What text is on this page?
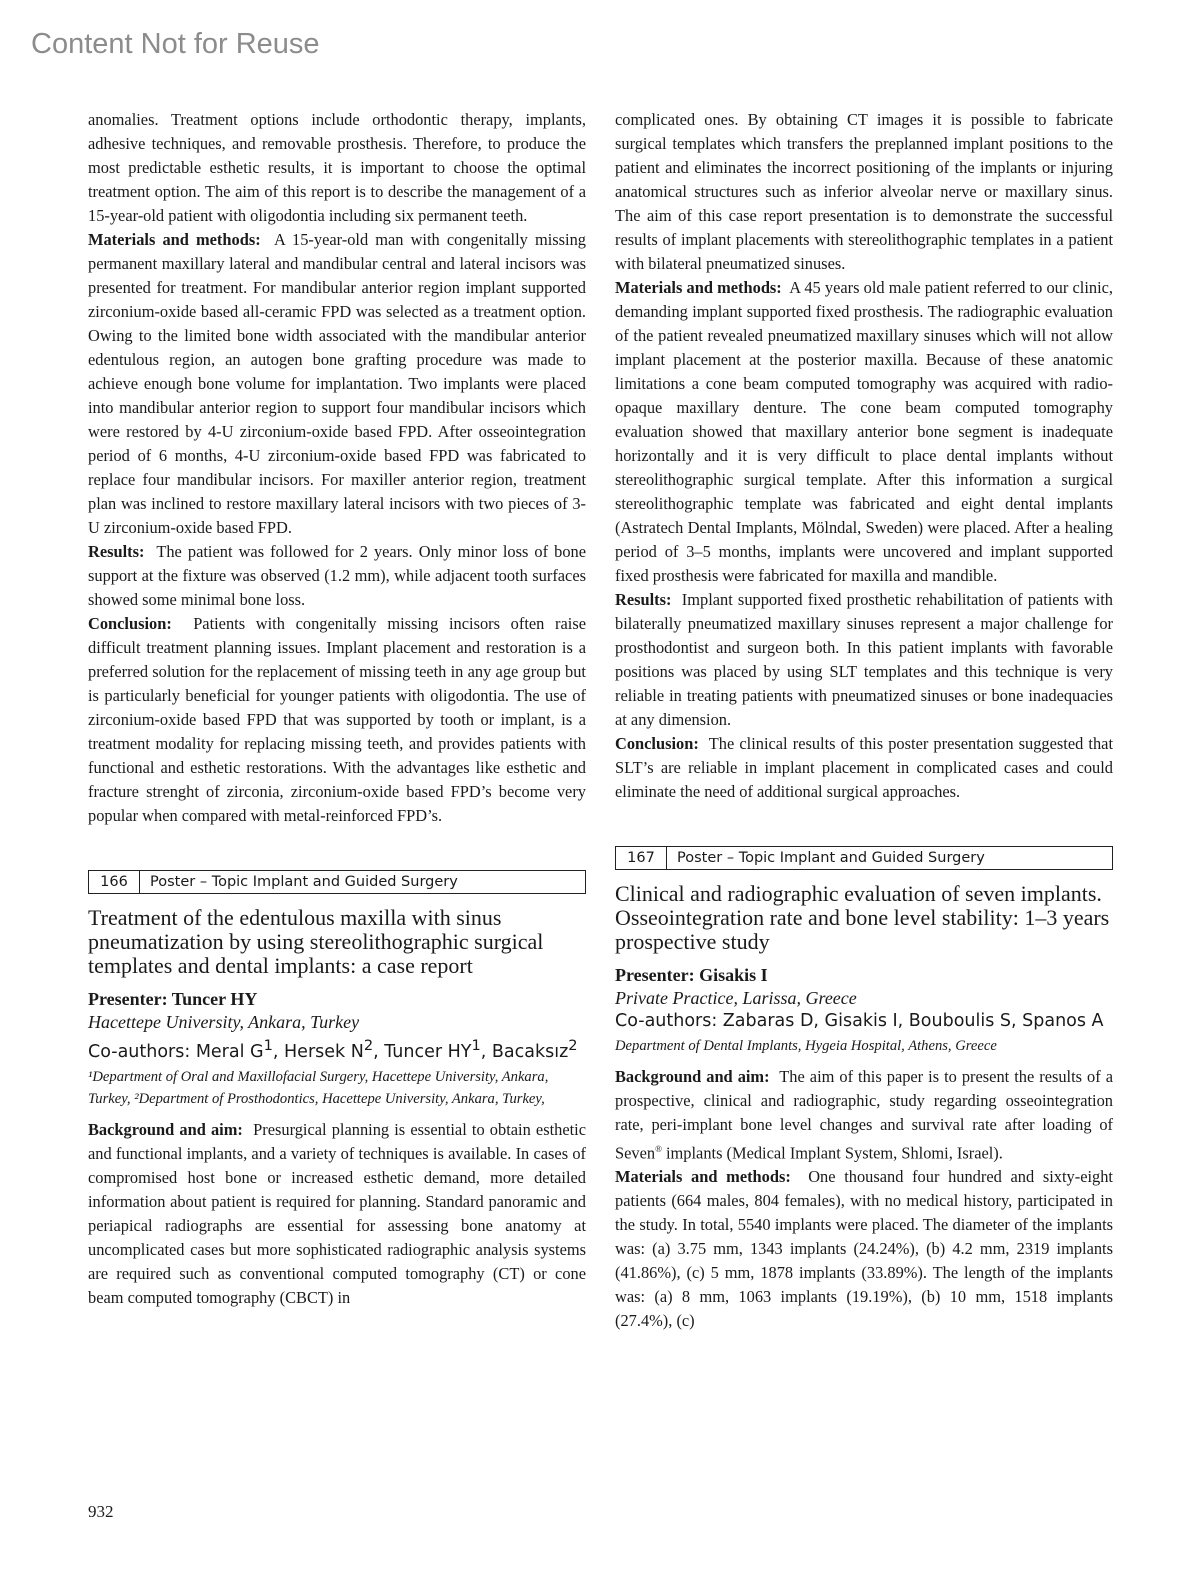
Content Not for Reuse

anomalies. Treatment options include orthodontic therapy, implants, adhesive techniques, and removable prosthesis. Therefore, to produce the most predictable esthetic results, it is important to choose the optimal treatment option. The aim of this report is to describe the management of a 15-year-old patient with oligodontia including six permanent teeth.

Materials and methods: A 15-year-old man with congenitally missing permanent maxillary lateral and mandibular central and lateral incisors was presented for treatment. For mandibular anterior region implant supported zirconium-oxide based all-ceramic FPD was selected as a treatment option. Owing to the limited bone width associated with the mandibular anterior edentulous region, an autogen bone grafting procedure was made to achieve enough bone volume for implantation. Two implants were placed into mandibular anterior region to support four mandibular incisors which were restored by 4-U zirconium-oxide based FPD. After osseointegration period of 6 months, 4-U zirconium-oxide based FPD was fabricated to replace four mandibular incisors. For maxiller anterior region, treatment plan was inclined to restore maxillary lateral incisors with two pieces of 3-U zirconium-oxide based FPD.

Results: The patient was followed for 2 years. Only minor loss of bone support at the fixture was observed (1.2 mm), while adjacent tooth surfaces showed some minimal bone loss.

Conclusion: Patients with congenitally missing incisors often raise difficult treatment planning issues. Implant placement and restoration is a preferred solution for the replacement of missing teeth in any age group but is particularly beneficial for younger patients with oligodontia. The use of zirconium-oxide based FPD that was supported by tooth or implant, is a treatment modality for replacing missing teeth, and provides patients with functional and esthetic restorations. With the advantages like esthetic and fracture strenght of zirconia, zirconium-oxide based FPD’s become very popular when compared with metal-reinforced FPD’s.

166	Poster – Topic Implant and Guided Surgery
Treatment of the edentulous maxilla with sinus pneumatization by using stereolithographic surgical templates and dental implants: a case report

Presenter: Tuncer HY

Hacettepe University, Ankara, Turkey

Co-authors: Meral $G^1$, Hersek $N^2$, Tuncer $HY^1$, Bacaksız$^2$

¹Department of Oral and Maxillofacial Surgery, Hacettepe University, Ankara, Turkey, ²Department of Prosthodontics, Hacettepe University, Ankara, Turkey,

Background and aim: Presurgical planning is essential to obtain esthetic and functional implants, and a variety of techniques is available. In cases of compromised host bone or increased esthetic demand, more detailed information about patient is required for planning. Standard panoramic and periapical radiographs are essential for assessing bone anatomy at uncomplicated cases but more sophisticated radiographic analysis systems are required such as conventional computed tomography (CT) or cone beam computed tomography (CBCT) in

complicated ones. By obtaining CT images it is possible to fabricate surgical templates which transfers the preplanned implant positions to the patient and eliminates the incorrect positioning of the implants or injuring anatomical structures such as inferior alveolar nerve or maxillary sinus. The aim of this case report presentation is to demonstrate the successful results of implant placements with stereolithographic templates in a patient with bilateral pneumatized sinuses.

Materials and methods: A 45 years old male patient referred to our clinic, demanding implant supported fixed prosthesis. The radiographic evaluation of the patient revealed pneumatized maxillary sinuses which will not allow implant placement at the posterior maxilla. Because of these anatomic limitations a cone beam computed tomography was acquired with radio-opaque maxillary denture. The cone beam computed tomography evaluation showed that maxillary anterior bone segment is inadequate horizontally and it is very difficult to place dental implants without stereolithographic surgical template. After this information a surgical stereolithographic template was fabricated and eight dental implants (Astratech Dental Implants, Mölndal, Sweden) were placed. After a healing period of 3–5 months, implants were uncovered and implant supported fixed prosthesis were fabricated for maxilla and mandible.

Results: Implant supported fixed prosthetic rehabilitation of patients with bilaterally pneumatized maxillary sinuses represent a major challenge for prosthodontist and surgeon both. In this patient implants with favorable positions was placed by using SLT templates and this technique is very reliable in treating patients with pneumatized sinuses or bone inadequacies at any dimension.

Conclusion: The clinical results of this poster presentation suggested that SLT’s are reliable in implant placement in complicated cases and could eliminate the need of additional surgical approaches.

167	Poster – Topic Implant and Guided Surgery
Clinical and radiographic evaluation of seven implants. Osseointegration rate and bone level stability: 1–3 years prospective study

Presenter: Gisakis I

Private Practice, Larissa, Greece

Co-authors: Zabaras D, Gisakis I, Bouboulis S, Spanos A

Department of Dental Implants, Hygeia Hospital, Athens, Greece

Background and aim: The aim of this paper is to present the results of a prospective, clinical and radiographic, study regarding osseointegration rate, peri-implant bone level changes and survival rate after loading of Seven® implants (Medical Implant System, Shlomi, Israel).

Materials and methods: One thousand four hundred and sixty-eight patients (664 males, 804 females), with no medical history, participated in the study. In total, 5540 implants were placed. The diameter of the implants was: (a) 3.75 mm, 1343 implants (24.24%), (b) 4.2 mm, 2319 implants (41.86%), (c) 5 mm, 1878 implants (33.89%). The length of the implants was: (a) 8 mm, 1063 implants (19.19%), (b) 10 mm, 1518 implants (27.4%), (c)

932
